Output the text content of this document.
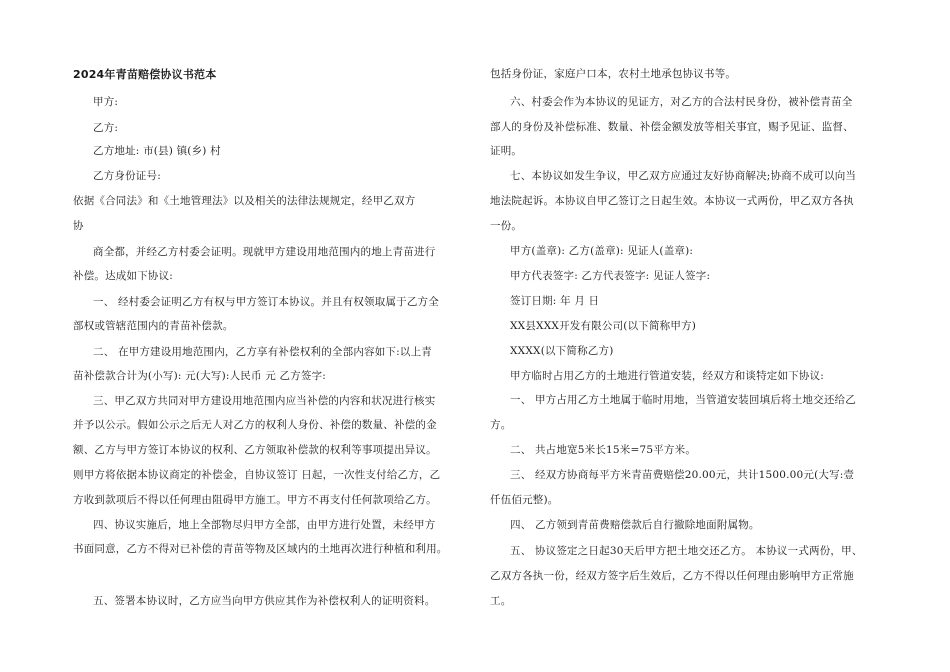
2024年青苗赔偿协议书范本
甲方:
乙方:
乙方地址: 市(县) 镇(乡) 村
乙方身份证号:
依据《合同法》和《土地管理法》以及相关的法律法规规定，经甲乙双方
协
商全都，并经乙方村委会证明。现就甲方建设用地范围内的地上青苗进行
补偿。达成如下协议:
一、 经村委会证明乙方有权与甲方签订本协议。并且有权领取属于乙方全
部权或管辖范围内的青苗补偿款。
二、 在甲方建设用地范围内，乙方享有补偿权利的全部内容如下:以上青
苗补偿款合计为(小写): 元(大写):人民币 元 乙方签字:
三、甲乙双方共同对甲方建设用地范围内应当补偿的内容和状况进行核实
并予以公示。假如公示之后无人对乙方的权利人身份、补偿的数量、补偿的金
额、乙方与甲方签订本协议的权利、乙方领取补偿款的权利等事项提出异议。
则甲方将依据本协议商定的补偿金，自协议签订 日起，一次性支付给乙方，乙
方收到款项后不得以任何理由阻碍甲方施工。甲方不再支付任何款项给乙方。
四、协议实施后，地上全部物尽归甲方全部，由甲方进行处置，未经甲方
书面同意，乙方不得对已补偿的青苗等物及区域内的土地再次进行种植和利用。
五、签署本协议时，乙方应当向甲方供应其作为补偿权利人的证明资料。
包括身份证，家庭户口本，农村土地承包协议书等。
六、村委会作为本协议的见证方，对乙方的合法村民身份，被补偿青苗全
部人的身份及补偿标准、数量、补偿金额发放等相关事宜，赐予见证、监督、
证明。
七、本协议如发生争议，甲乙双方应通过友好协商解决;协商不成可以向当
地法院起诉。本协议自甲乙签订之日起生效。本协议一式两份，甲乙双方各执
一份。
甲方(盖章): 乙方(盖章): 见证人(盖章):
甲方代表签字: 乙方代表签字: 见证人签字:
签订日期: 年 月 日
XX县XXX开发有限公司(以下简称甲方)
XXXX(以下简称乙方)
甲方临时占用乙方的土地进行管道安装，经双方和谈特定如下协议:
一、 甲方占用乙方土地属于临时用地，当管道安装回填后将土地交还给乙
方。
二、 共占地宽5米长15米=75平方米。
三、 经双方协商每平方米青苗费赔偿20.00元，共计1500.00元(大写:壹
仟伍佰元整)。
四、 乙方领到青苗费赔偿款后自行撤除地面附属物。
五、 协议签定之日起30天后甲方把土地交还乙方。 本协议一式两份，甲、
乙双方各执一份，经双方签字后生效后，乙方不得以任何理由影响甲方正常施
工。
